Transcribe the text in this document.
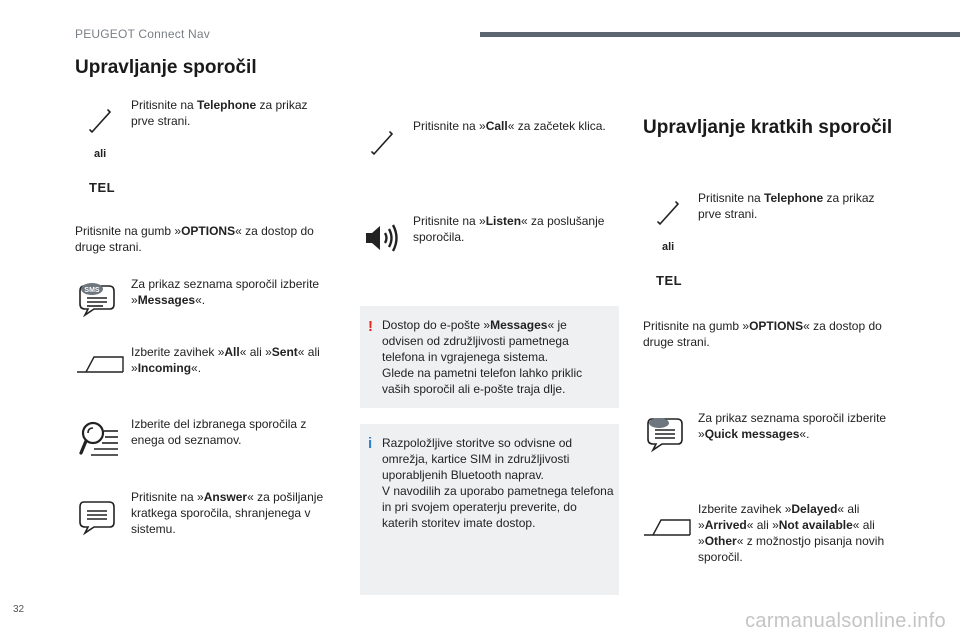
PEUGEOT Connect Nav
Upravljanje sporočil
Pritisnite na Telephone za prikaz prve strani.
ali
TEL
Pritisnite na gumb »OPTIONS« za dostop do druge strani.
SMS	Za prikaz seznama sporočil izberite »Messages«.
Izberite zavihek »All« ali »Sent« ali »Incoming«.
Izberite del izbranega sporočila z enega od seznamov.
Pritisnite na »Answer« za pošiljanje kratkega sporočila, shranjenega v sistemu.
Pritisnite na »Call« za začetek klica.
Pritisnite na »Listen« za poslušanje sporočila.
! Dostop do e-pošte »Messages« je odvisen od združljivosti pametnega telefona in vgrajenega sistema.
Glede na pametni telefon lahko priklic vaših sporočil ali e-pošte traja dlje.
i Razpoložljive storitve so odvisne od omrežja, kartice SIM in združljivosti uporabljenih Bluetooth naprav.
V navodilih za uporabo pametnega telefona in pri svojem operaterju preverite, do katerih storitev imate dostop.
Upravljanje kratkih sporočil
Pritisnite na Telephone za prikaz prve strani.
ali
TEL
Pritisnite na gumb »OPTIONS« za dostop do druge strani.
Za prikaz seznama sporočil izberite »Quick messages«.
Izberite zavihek »Delayed« ali »Arrived« ali »Not available« ali »Other« z možnostjo pisanja novih sporočil.
32
carmanualsonline.info
